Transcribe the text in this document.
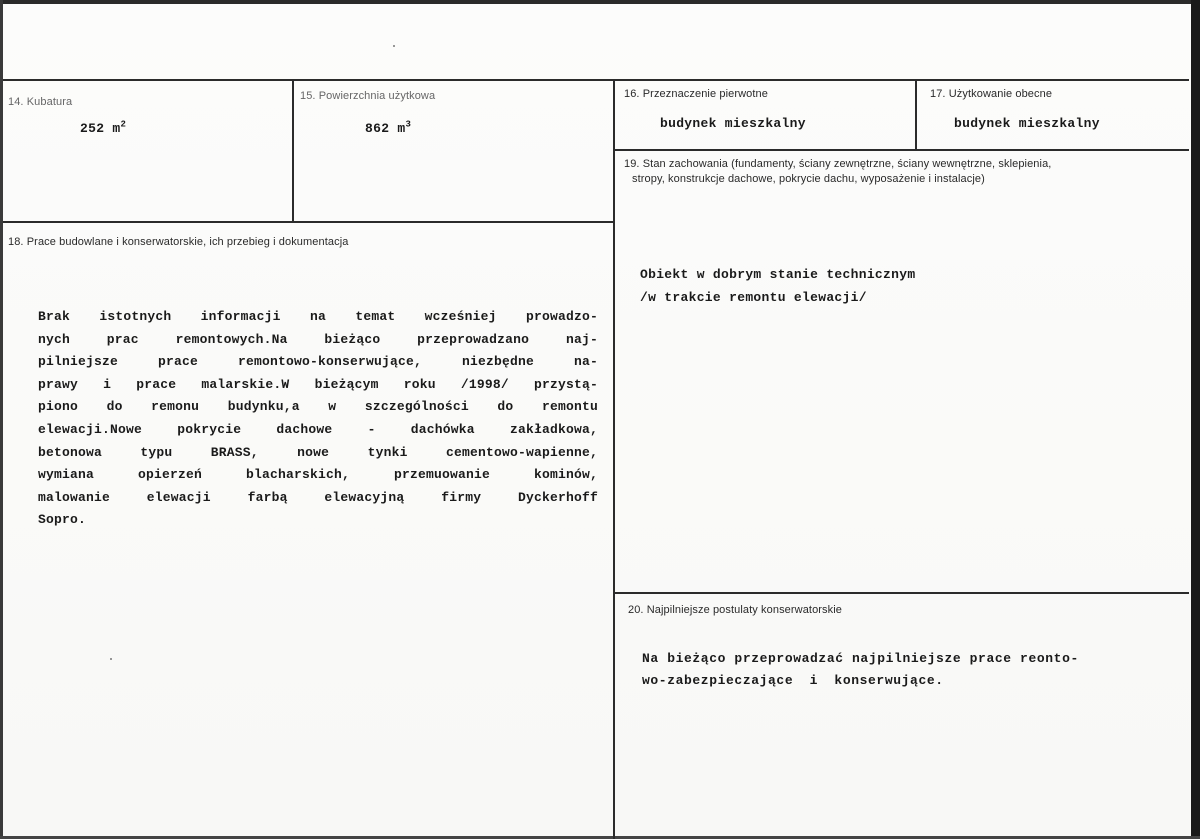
14. Kubatura
252 $m^2$
15. Powierzchnia użytkowa
862 $m^3$
16. Przeznaczenie pierwotne
budynek mieszkalny
17. Użytkowanie obecne
budynek mieszkalny
19. Stan zachowania (fundamenty, ściany zewnętrzne, ściany wewnętrzne, sklepienia,
stropy, konstrukcje dachowe, pokrycie dachu, wyposażenie i instalacje)
Obiekt w dobrym stanie technicznym
/w trakcie remontu elewacji/
18. Prace budowlane i konserwatorskie, ich przebieg i dokumentacja
Brak istotnych informacji na temat wcześniej prowadzo-
nych	prac	remontowych.Na	bieżąco	przeprowadzano	naj-
pilniejsze	prace	remontowo-konserwujące,	niezbędne	na-
prawy i prace malarskie.W bieżącym roku /1998/ przystą-
piono do remonu budynku,a w szczególności do remontu
elewacji.Nowe	pokrycie	dachowe	-	dachówka	zakładkowa,
betonowa	typu	BRASS,	nowe	tynki	cementowo-wapienne,
wymiana	opierzeń	blacharskich,	przemuowanie	kominów,
malowanie	elewacji	farbą	elewacyjną	firmy	Dyckerhoff
Sopro.
20. Najpilniejsze postulaty konserwatorskie
Na bieżąco przeprowadzać najpilniejsze prace reonto-
wo-zabezpieczające i konserwujące.
